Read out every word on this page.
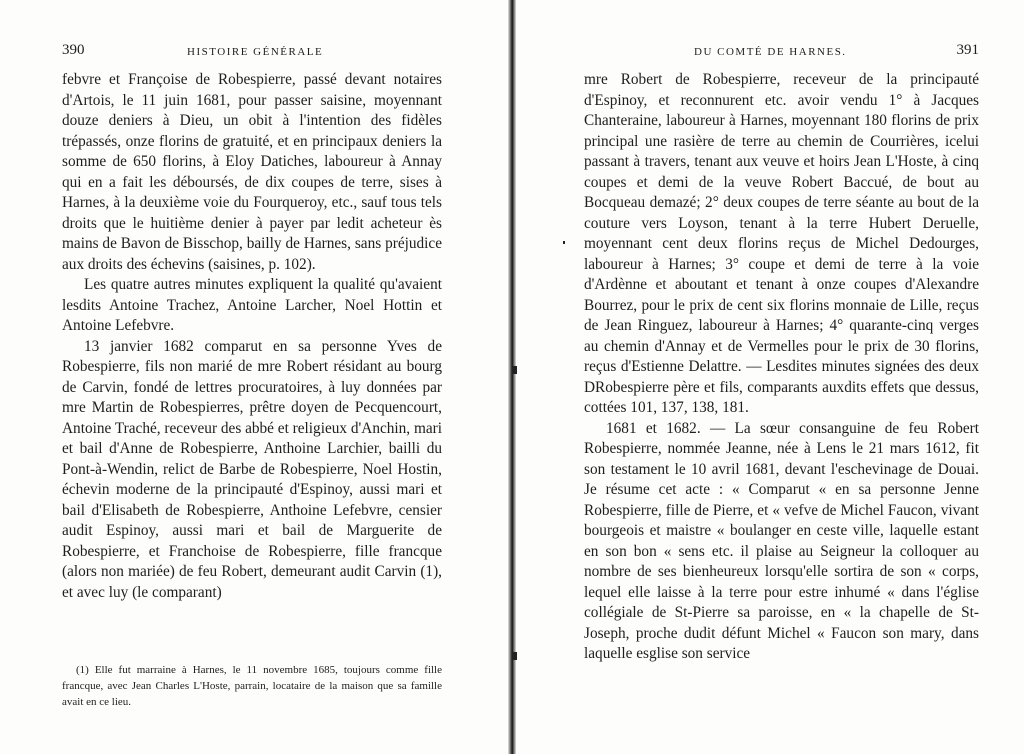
390	HISTOIRE GÉNÉRALE

febvre et Françoise de Robespierre, passé devant notaires d'Artois, le 11 juin 1681, pour passer saisine, moyennant douze deniers à Dieu, un obit à l'intention des fidèles trépassés, onze florins de gratuité, et en principaux deniers la somme de 650 florins, à Eloy Datiches, laboureur à Annay qui en a fait les déboursés, de dix coupes de terre, sises à Harnes, à la deuxième voie du Fourqueroy, etc., sauf tous tels droits que le huitième denier à payer par ledit acheteur ès mains de Bavon de Bisschop, bailly de Harnes, sans préjudice aux droits des échevins (saisines, p. 102).

Les quatre autres minutes expliquent la qualité qu'avaient lesdits Antoine Trachez, Antoine Larcher, Noel Hottin et Antoine Lefebvre.

13 janvier 1682 comparut en sa personne Yves de Robespierre, fils non marié de mre Robert résidant au bourg de Carvin, fondé de lettres procuratoires, à luy données par mre Martin de Robespierres, prêtre doyen de Pecquencourt, Antoine Traché, receveur des abbé et religieux d'Anchin, mari et bail d'Anne de Robespierre, Anthoine Larchier, bailli du Pont-à-Wendin, relict de Barbe de Robespierre, Noel Hostin, échevin moderne de la principauté d'Espinoy, aussi mari et bail d'Elisabeth de Robespierre, Anthoine Lefebvre, censier audit Espinoy, aussi mari et bail de Marguerite de Robespierre, et Franchoise de Robespierre, fille francque (alors non mariée) de feu Robert, demeurant audit Carvin (1), et avec luy (le comparant)

(1) Elle fut marraine à Harnes, le 11 novembre 1685, toujours comme fille francque, avec Jean Charles L'Hoste, parrain, locataire de la maison que sa famille avait en ce lieu.

DU COMTÉ DE HARNES.	391

mre Robert de Robespierre, receveur de la principauté d'Espinoy, et reconnurent etc. avoir vendu 1° à Jacques Chanteraine, laboureur à Harnes, moyennant 180 florins de prix principal une rasière de terre au chemin de Courrières, icelui passant à travers, tenant aux veuve et hoirs Jean L'Hoste, à cinq coupes et demi de la veuve Robert Baccué, de bout au Bocqueau demazé; 2° deux coupes de terre séante au bout de la couture vers Loyson, tenant à la terre Hubert Deruelle, moyennant cent deux florins reçus de Michel Dedourges, laboureur à Harnes; 3° coupe et demi de terre à la voie d'Ardènne et aboutant et tenant à onze coupes d'Alexandre Bourrez, pour le prix de cent six florins monnaie de Lille, reçus de Jean Ringuez, laboureur à Harnes; 4° quarante-cinq verges au chemin d'Annay et de Vermelles pour le prix de 30 florins, reçus d'Estienne Delattre. — Lesdites minutes signées des deux DRobespierre père et fils, comparants auxdits effets que dessus, cottées 101, 137, 138, 181.

1681 et 1682. — La sœur consanguine de feu Robert Robespierre, nommée Jeanne, née à Lens le 21 mars 1612, fit son testament le 10 avril 1681, devant l'eschevinage de Douai. Je résume cet acte : « Comparut « en sa personne Jenne Robespierre, fille de Pierre, et « vefve de Michel Faucon, vivant bourgeois et maistre « boulanger en ceste ville, laquelle estant en son bon « sens etc. il plaise au Seigneur la colloquer au nombre de ses bienheureux lorsqu'elle sortira de son « corps, lequel elle laisse à la terre pour estre inhumé « dans l'église collégiale de St-Pierre sa paroisse, en « la chapelle de St-Joseph, proche dudit défunt Michel « Faucon son mary, dans laquelle esglise son service
